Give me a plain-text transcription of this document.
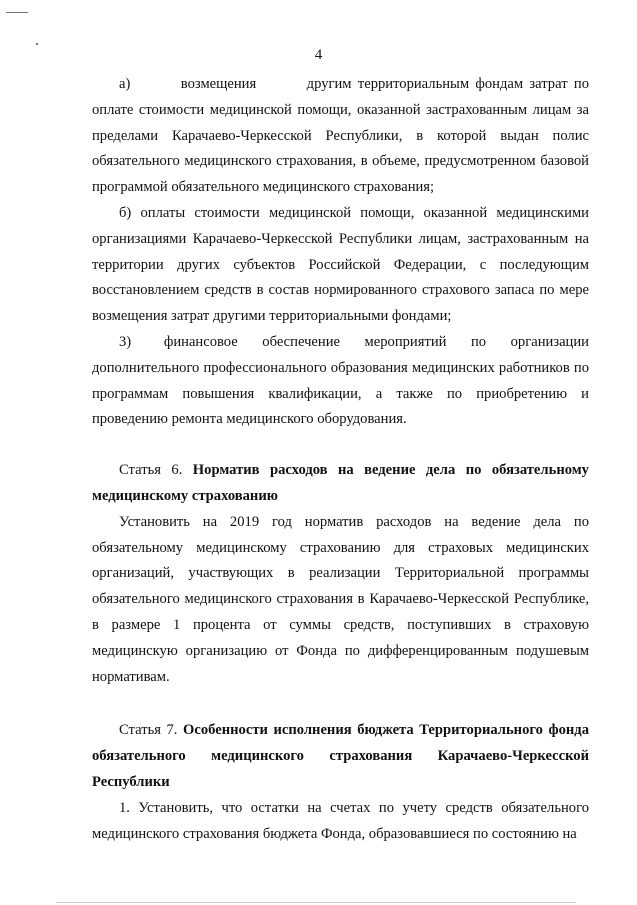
4

а)        возмещения        другим территориальным фондам затрат по

оплате стоимости медицинской помощи, оказанной застрахованным лицам за пределами Карачаево-Черкесской Республики, в которой выдан полис обязательного медицинского страхования, в объеме, предусмотренном базовой программой обязательного медицинского страхования;

б) оплаты стоимости медицинской помощи, оказанной медицинскими организациями Карачаево-Черкесской Республики лицам, застрахованным на территории других субъектов Российской Федерации, с последующим восстановлением средств в состав нормированного страхового запаса по мере возмещения затрат другими территориальными фондами;

3)        финансовое      обеспечение      мероприятий      по      организации

дополнительного профессионального образования медицинских работников по программам повышения квалификации, а также по приобретению и проведению ремонта медицинского оборудования.

Статья 6. Норматив расходов на ведение дела по обязательному медицинскому страхованию

Установить на 2019 год норматив расходов на ведение дела по обязательному медицинскому страхованию для страховых медицинских организаций, участвующих в реализации Территориальной программы обязательного медицинского страхования в Карачаево-Черкесской Республике, в размере 1 процента от суммы средств, поступивших в страховую медицинскую организацию от Фонда по дифференцированным подушевым нормативам.

Статья 7. Особенности исполнения бюджета Территориального фонда обязательного медицинского страхования Карачаево-Черкесской Республики

1. Установить, что остатки на счетах по учету средств обязательного медицинского страхования бюджета Фонда, образовавшиеся по состоянию на
